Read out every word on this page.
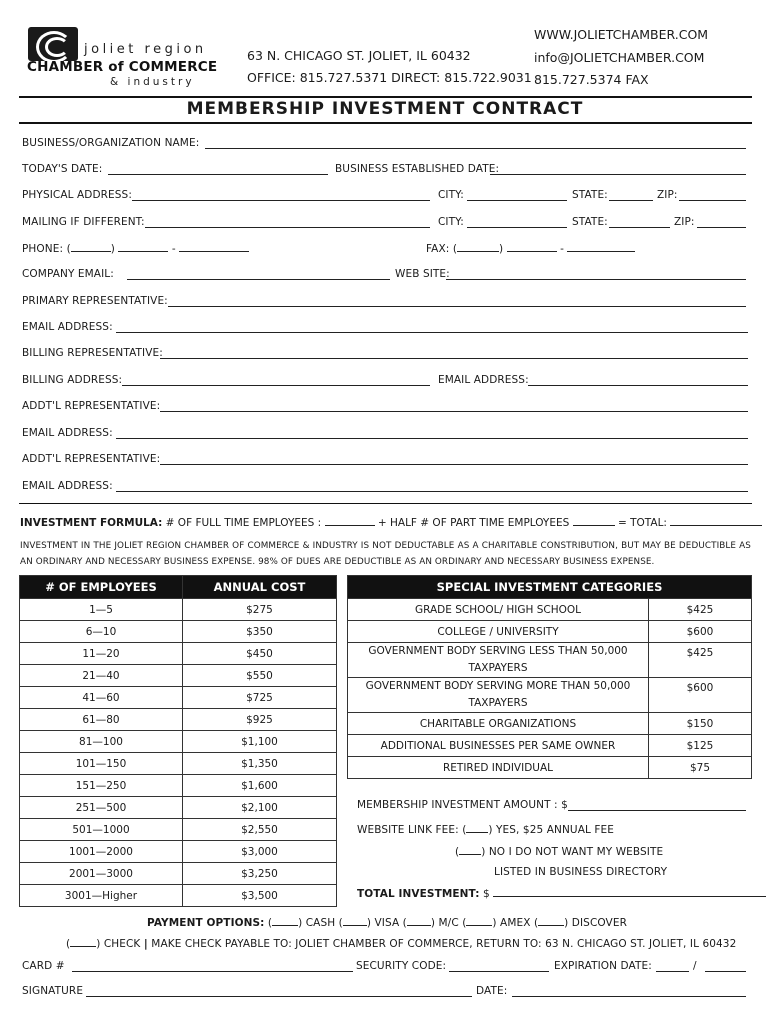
joliet region
CHAMBER of COMMERCE
& industry
63 N. CHICAGO ST. JOLIET, IL 60432
OFFICE: 815.727.5371 DIRECT: 815.722.9031
WWW.JOLIETCHAMBER.COM
info@JOLIETCHAMBER.COM
815.727.5374 FAX
MEMBERSHIP INVESTMENT CONTRACT
BUSINESS/ORGANIZATION NAME:
TODAY'S DATE:	BUSINESS ESTABLISHED DATE:
PHYSICAL ADDRESS:	CITY:	STATE:	ZIP:
MAILING IF DIFFERENT:	CITY:	STATE:	ZIP:
PHONE: (	)	-	FAX: (	)	-
COMPANY EMAIL:	WEB SITE:
PRIMARY REPRESENTATIVE:
EMAIL ADDRESS:
BILLING REPRESENTATIVE:
BILLING ADDRESS:	EMAIL ADDRESS:
ADDT'L REPRESENTATIVE:
EMAIL ADDRESS:
ADDT'L REPRESENTATIVE:
EMAIL ADDRESS:
INVESTMENT FORMULA: # OF FULL TIME EMPLOYEES :	+ HALF # OF PART TIME EMPLOYEES	= TOTAL:
INVESTMENT IN THE JOLIET REGION CHAMBER OF COMMERCE & INDUSTRY IS NOT DEDUCTABLE AS A CHARITABLE CONSTRIBUTION, BUT MAY BE DEDUCTIBLE AS AN ORDINARY AND NECESSARY BUSINESS EXPENSE. 98% OF DUES ARE DEDUCTIBLE AS AN ORDINARY AND NECESSARY BUSINESS EXPENSE.
# OF EMPLOYEES	ANNUAL COST
1—5	$275
6—10	$350
11—20	$450
21—40	$550
41—60	$725
61—80	$925
81—100	$1,100
101—150	$1,350
151—250	$1,600
251—500	$2,100
501—1000	$2,550
1001—2000	$3,000
2001—3000	$3,250
3001—Higher	$3,500
SPECIAL INVESTMENT CATEGORIES	
GRADE SCHOOL/ HIGH SCHOOL	$425
COLLEGE / UNIVERSITY	$600
GOVERNMENT BODY SERVING LESS THAN 50,000 TAXPAYERS	$425
GOVERNMENT BODY SERVING MORE THAN 50,000 TAXPAYERS	$600
CHARITABLE ORGANIZATIONS	$150
ADDITIONAL BUSINESSES PER SAME OWNER	$125
RETIRED INDIVIDUAL	$75
MEMBERSHIP INVESTMENT AMOUNT : $
WEBSITE LINK FEE: ( ) YES, $25 ANNUAL FEE
( ) NO I DO NOT WANT MY WEBSITE
LISTED IN BUSINESS DIRECTORY
TOTAL INVESTMENT: $
PAYMENT OPTIONS: ( ) CASH ( ) VISA ( ) M/C ( ) AMEX ( ) DISCOVER
( ) CHECK | MAKE CHECK PAYABLE TO: JOLIET CHAMBER OF COMMERCE, RETURN TO: 63 N. CHICAGO ST. JOLIET, IL 60432
CARD #	SECURITY CODE:	EXPIRATION DATE:	/
SIGNATURE	DATE:
